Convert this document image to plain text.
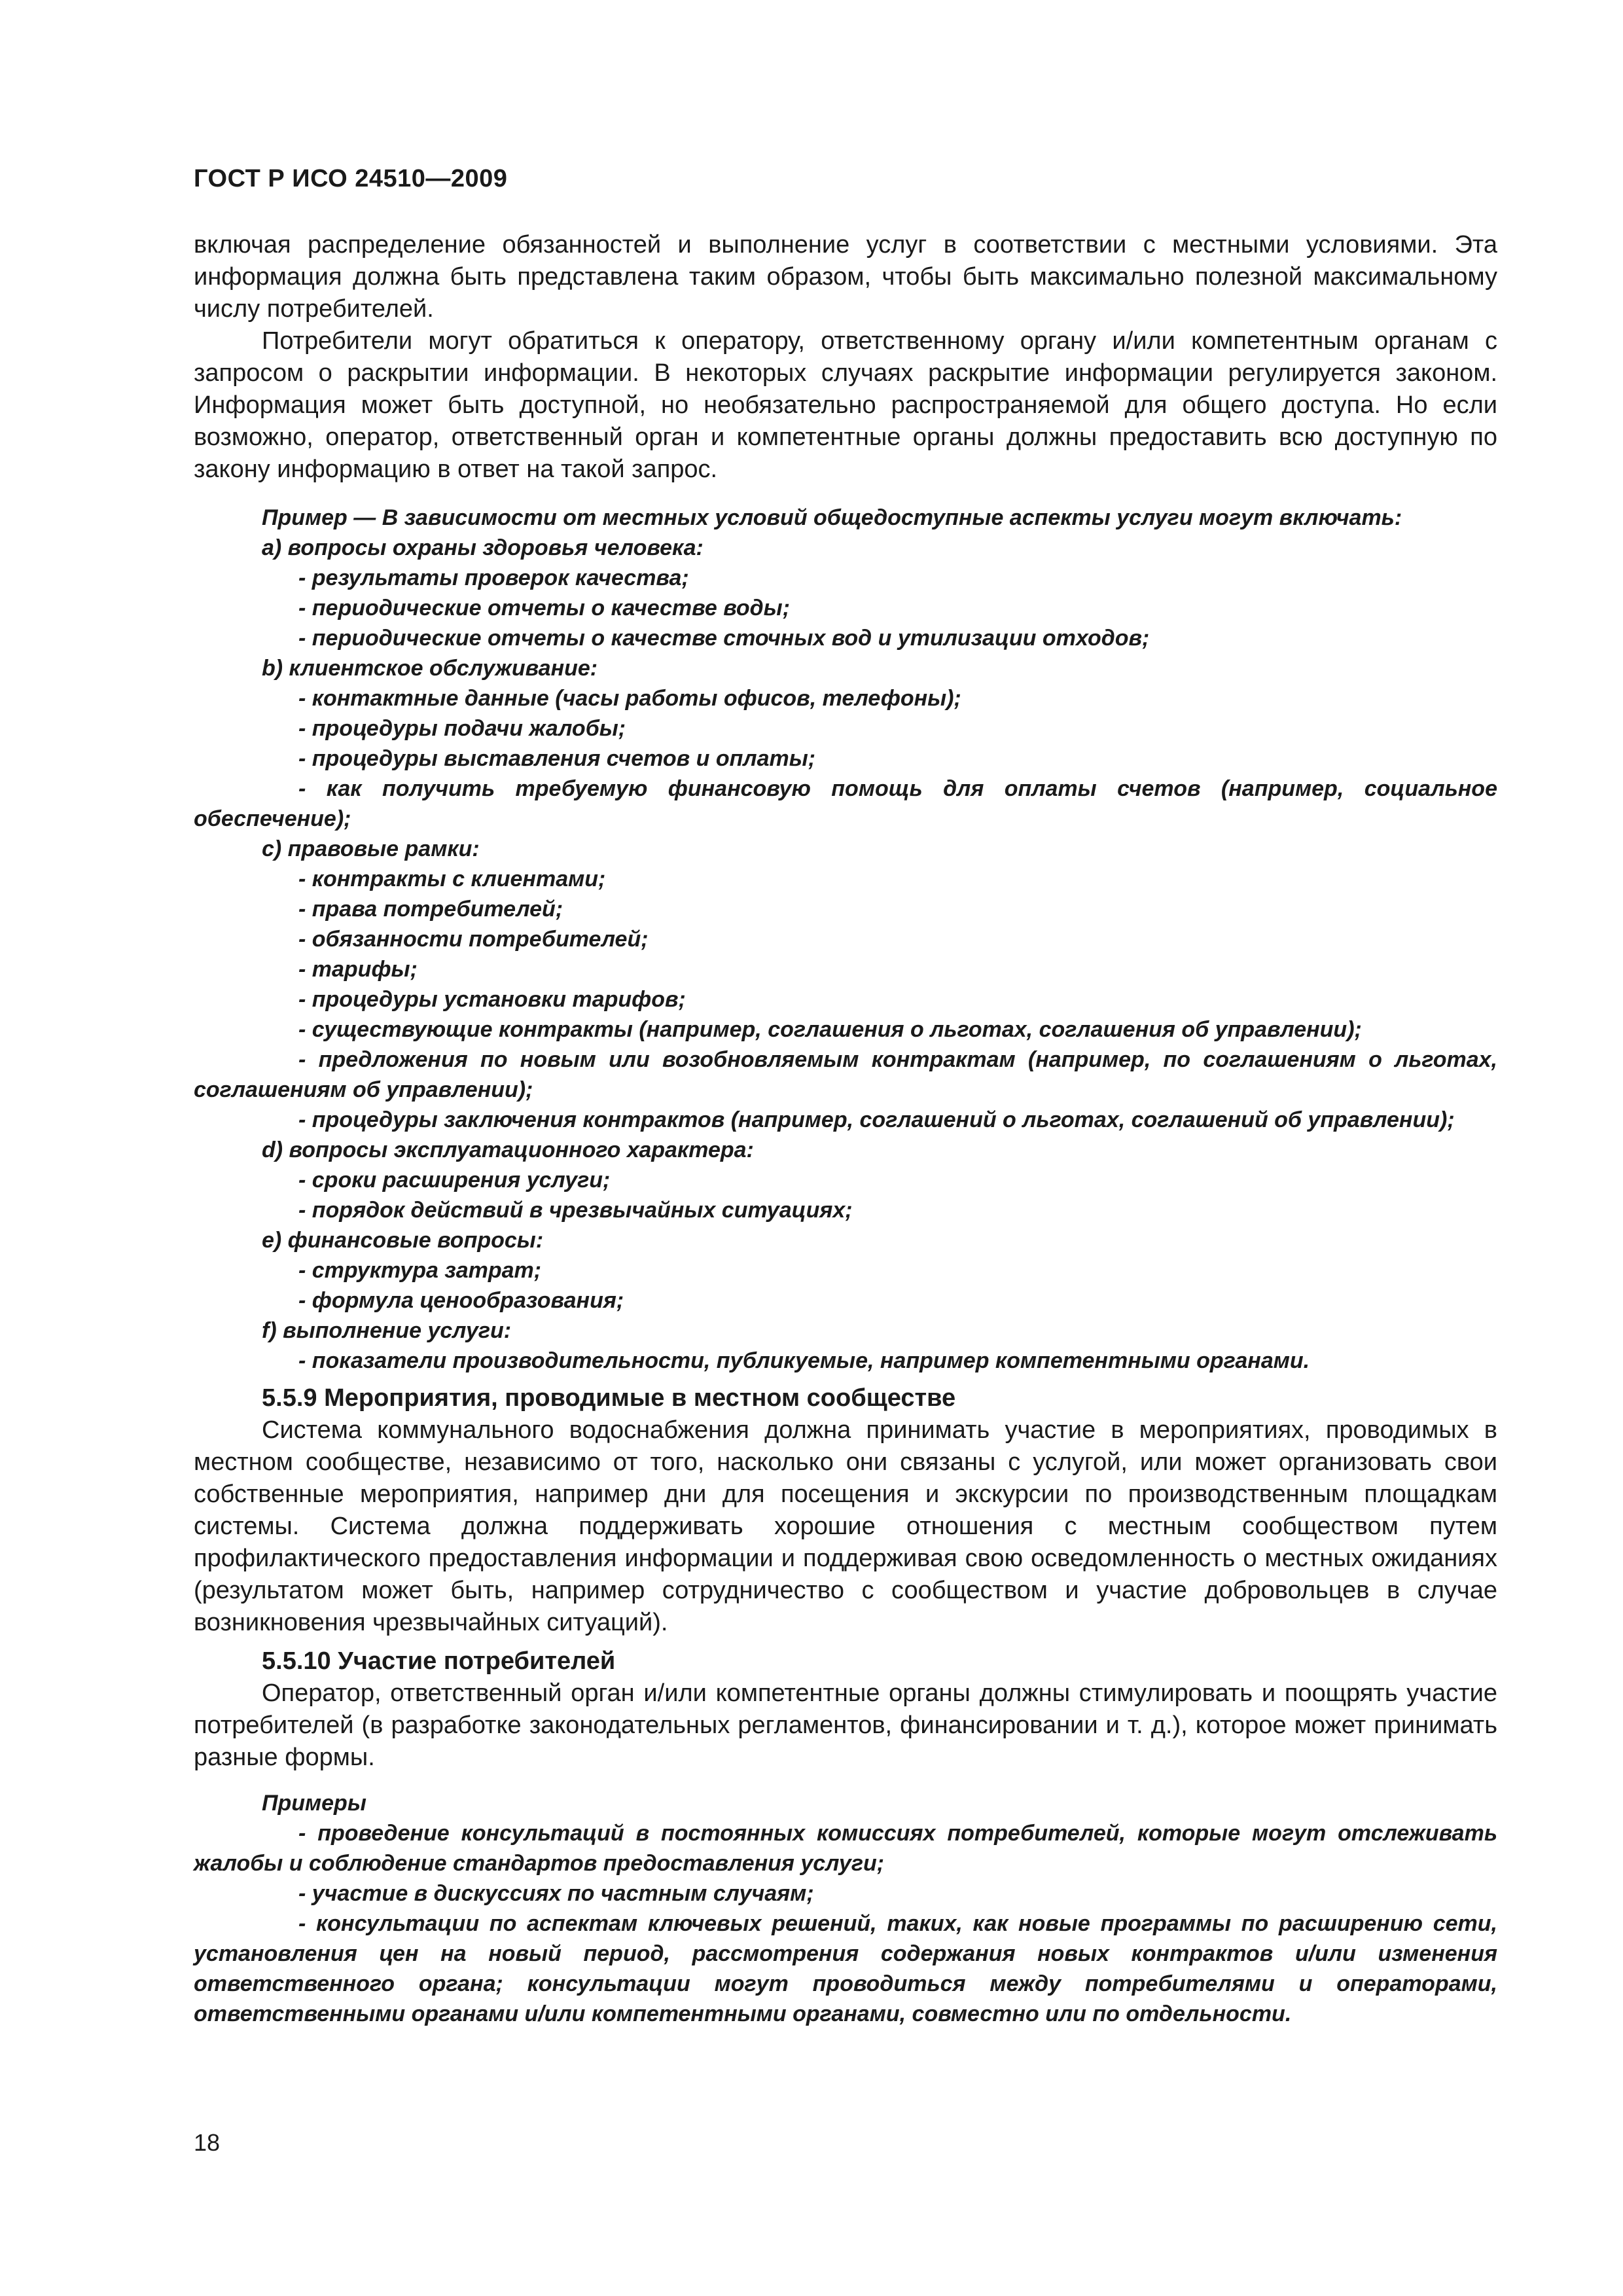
ГОСТ Р ИСО 24510—2009

включая распределение обязанностей и выполнение услуг в соответствии с местными условиями. Эта информация должна быть представлена таким образом, чтобы быть максимально полезной максимальному числу потребителей.

Потребители могут обратиться к оператору, ответственному органу и/или компетентным органам с запросом о раскрытии информации. В некоторых случаях раскрытие информации регулируется законом. Информация может быть доступной, но необязательно распространяемой для общего доступа. Но если возможно, оператор, ответственный орган и компетентные органы должны предоставить всю доступную по закону информацию в ответ на такой запрос.

Пример — В зависимости от местных условий общедоступные аспекты услуги могут включать:

a) вопросы охраны здоровья человека:

- результаты проверок качества;

- периодические отчеты о качестве воды;

- периодические отчеты о качестве сточных вод и утилизации отходов;

b) клиентское обслуживание:

- контактные данные (часы работы офисов, телефоны);

- процедуры подачи жалобы;

- процедуры выставления счетов и оплаты;

- как получить требуемую финансовую помощь для оплаты счетов (например, социальное обеспечение);

c) правовые рамки:

- контракты с клиентами;

- права потребителей;

- обязанности потребителей;

- тарифы;

- процедуры установки тарифов;

- существующие контракты (например, соглашения о льготах, соглашения об управлении);

- предложения по новым или возобновляемым контрактам (например, по соглашениям о льготах, соглашениям об управлении);

- процедуры заключения контрактов (например, соглашений о льготах, соглашений об управлении);

d) вопросы эксплуатационного характера:

- сроки расширения услуги;

- порядок действий в чрезвычайных ситуациях;

e) финансовые вопросы:

- структура затрат;

- формула ценообразования;

f) выполнение услуги:

- показатели производительности, публикуемые, например компетентными органами.

5.5.9 Мероприятия, проводимые в местном сообществе

Система коммунального водоснабжения должна принимать участие в мероприятиях, проводимых в местном сообществе, независимо от того, насколько они связаны с услугой, или может организовать свои собственные мероприятия, например дни для посещения и экскурсии по производственным площадкам системы. Система должна поддерживать хорошие отношения с местным сообществом путем профилактического предоставления информации и поддерживая свою осведомленность о местных ожиданиях (результатом может быть, например сотрудничество с сообществом и участие добровольцев в случае возникновения чрезвычайных ситуаций).

5.5.10 Участие потребителей

Оператор, ответственный орган и/или компетентные органы должны стимулировать и поощрять участие потребителей (в разработке законодательных регламентов, финансировании и т. д.), которое может принимать разные формы.

Примеры

- проведение консультаций в постоянных комиссиях потребителей, которые могут отслеживать жалобы и соблюдение стандартов предоставления услуги;

- участие в дискуссиях по частным случаям;

- консультации по аспектам ключевых решений, таких, как новые программы по расширению сети, установления цен на новый период, рассмотрения содержания новых контрактов и/или изменения ответственного органа; консультации могут проводиться между потребителями и операторами, ответственными органами и/или компетентными органами, совместно или по отдельности.

18
